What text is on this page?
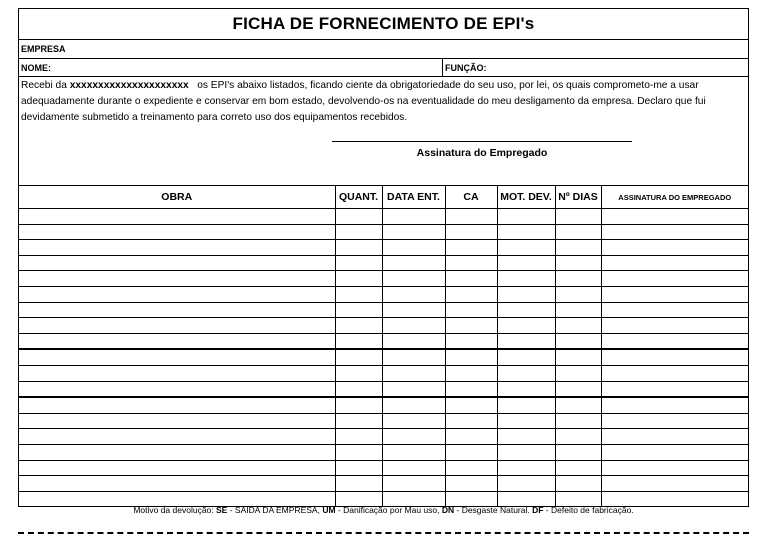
FICHA DE FORNECIMENTO DE EPI's
EMPRESA
NOME:	FUNÇÃO:

Recebi da xxxxxxxxxxxxxxxxxxxxx   os EPI's abaixo listados, ficando ciente da obrigatoriedade do seu uso, por lei, os quais comprometo-me a usar adequadamente durante o expediente e conservar em bom estado, devolvendo-os na eventualidade do meu desligamento da empresa. Declaro que fui devidamente submetido a treinamento para correto uso dos equipamentos recebidos.

Assinatura do Empregado
OBRA	QUANT.	DATA ENT.	CA	MOT. DEV.	Nº DIAS	ASSINATURA DO EMPREGADO

Motivo da devolução: SE - SAÍDA DA EMPRESA, UM - Danificação por Mau uso, DN - Desgaste Natural. DF - Defeito de fabricação.
